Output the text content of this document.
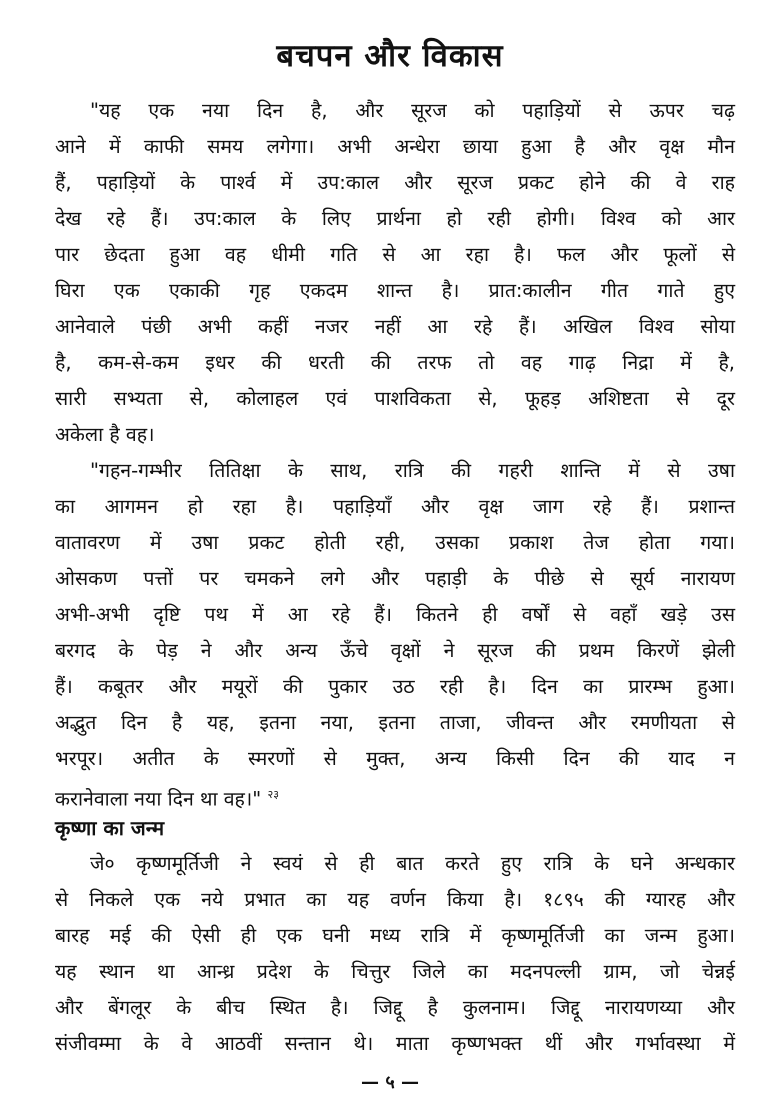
बचपन और विकास
"यह एक नया दिन है, और सूरज को पहाड़ियों से ऊपर चढ़
आने में काफी समय लगेगा। अभी अन्धेरा छाया हुआ है और वृक्ष मौन
हैं, पहाड़ियों के पार्श्व में उप:काल और सूरज प्रकट होने की वे राह
देख रहे हैं। उप:काल के लिए प्रार्थना हो रही होगी। विश्व को आर
पार छेदता हुआ वह धीमी गति से आ रहा है। फल और फूलों से
घिरा एक एकाकी गृह एकदम शान्त है। प्रात:कालीन गीत गाते हुए
आनेवाले पंछी अभी कहीं नजर नहीं आ रहे हैं। अखिल विश्व सोया
है, कम-से-कम इधर की धरती की तरफ तो वह गाढ़ निद्रा में है,
सारी सभ्यता से, कोलाहल एवं पाशविकता से, फूहड़ अशिष्टता से दूर
अकेला है वह।
"गहन-गम्भीर तितिक्षा के साथ, रात्रि की गहरी शान्ति में से उषा
का आगमन हो रहा है। पहाड़ियाँ और वृक्ष जाग रहे हैं। प्रशान्त
वातावरण में उषा प्रकट होती रही, उसका प्रकाश तेज होता गया।
ओसकण पत्तों पर चमकने लगे और पहाड़ी के पीछे से सूर्य नारायण
अभी-अभी दृष्टि पथ में आ रहे हैं। कितने ही वर्षों से वहाँ खड़े उस
बरगद के पेड़ ने और अन्य ऊँचे वृक्षों ने सूरज की प्रथम किरणें झेली
हैं। कबूतर और मयूरों की पुकार उठ रही है। दिन का प्रारम्भ हुआ।
अद्भुत दिन है यह, इतना नया, इतना ताजा, जीवन्त और रमणीयता से
भरपूर। अतीत के स्मरणों से मुक्त, अन्य किसी दिन की याद न
करानेवाला नया दिन था वह।" $^{२३}$
कृष्णा का जन्म
जे० कृष्णमूर्तिजी ने स्वयं से ही बात करते हुए रात्रि के घने अन्धकार
से निकले एक नये प्रभात का यह वर्णन किया है। १८९५ की ग्यारह और
बारह मई की ऐसी ही एक घनी मध्य रात्रि में कृष्णमूर्तिजी का जन्म हुआ।
यह स्थान था आन्ध्र प्रदेश के चित्तुर जिले का मदनपल्ली ग्राम, जो चेन्नई
और बेंगलूर के बीच स्थित है। जिद्दू है कुलनाम। जिद्दू नारायणय्या और
संजीवम्मा के वे आठवीं सन्तान थे। माता कृष्णभक्त थीं और गर्भावस्था में
— ५ —
